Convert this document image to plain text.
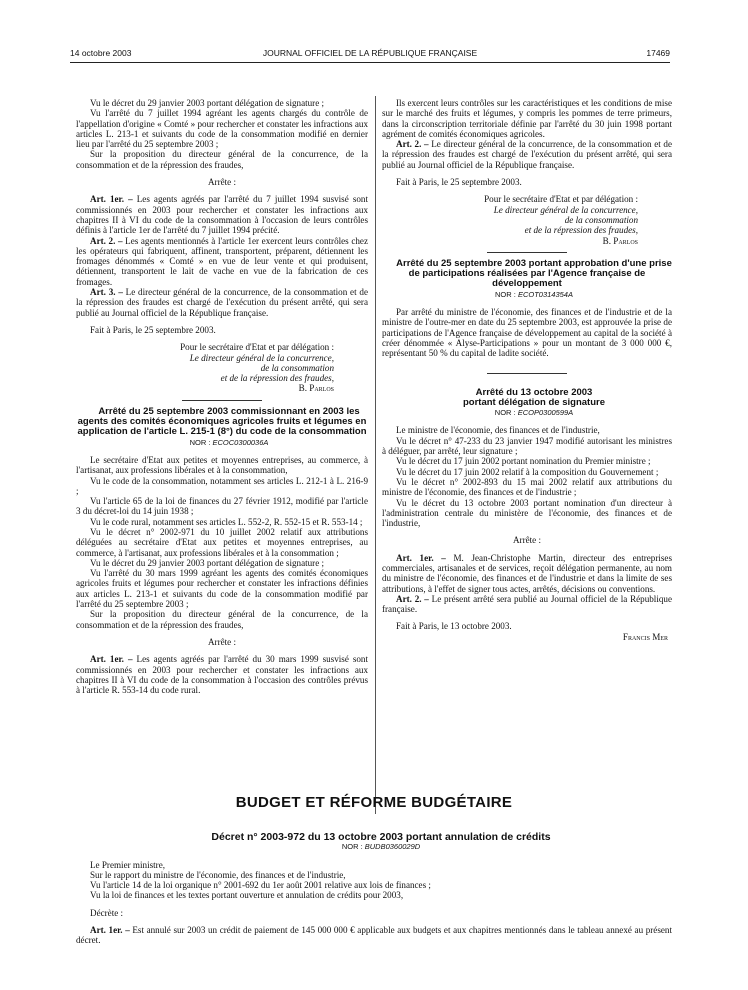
14 octobre 2003	JOURNAL OFFICIEL DE LA RÉPUBLIQUE FRANÇAISE	17469

Vu le décret du 29 janvier 2003 portant délégation de signature ;

Vu l'arrêté du 7 juillet 1994 agréant les agents chargés du contrôle de l'appellation d'origine « Comté » pour rechercher et constater les infractions aux articles L. 213-1 et suivants du code de la consommation modifié en dernier lieu par l'arrêté du 25 septembre 2003 ;

Sur la proposition du directeur général de la concurrence, de la consommation et de la répression des fraudes,

Arrête :

Art. 1er. – Les agents agréés par l'arrêté du 7 juillet 1994 susvisé sont commissionnés en 2003 pour rechercher et constater les infractions aux chapitres II à VI du code de la consommation à l'occasion de leurs contrôles définis à l'article 1er de l'arrêté du 7 juillet 1994 précité.

Art. 2. – Les agents mentionnés à l'article 1er exercent leurs contrôles chez les opérateurs qui fabriquent, affinent, transportent, préparent, détiennent les fromages dénommés « Comté » en vue de leur vente et qui produisent, détiennent, transportent le lait de vache en vue de la fabrication de ces fromages.

Art. 3. – Le directeur général de la concurrence, de la consommation et de la répression des fraudes est chargé de l'exécution du présent arrêté, qui sera publié au Journal officiel de la République française.

Fait à Paris, le 25 septembre 2003.

Pour le secrétaire d'Etat et par délégation :
Le directeur général de la concurrence,
de la consommation
et de la répression des fraudes,
B. Parlos

Arrêté du 25 septembre 2003 commissionnant en 2003 les agents des comités économiques agricoles fruits et légumes en application de l'article L. 215-1 (8°) du code de la consommation

NOR : ECOC0300036A

Le secrétaire d'Etat aux petites et moyennes entreprises, au commerce, à l'artisanat, aux professions libérales et à la consommation,

Vu le code de la consommation, notamment ses articles L. 212-1 à L. 216-9 ;

Vu l'article 65 de la loi de finances du 27 février 1912, modifié par l'article 3 du décret-loi du 14 juin 1938 ;

Vu le code rural, notamment ses articles L. 552-2, R. 552-15 et R. 553-14 ;

Vu le décret n° 2002-971 du 10 juillet 2002 relatif aux attributions déléguées au secrétaire d'Etat aux petites et moyennes entreprises, au commerce, à l'artisanat, aux professions libérales et à la consommation ;

Vu le décret du 29 janvier 2003 portant délégation de signature ;

Vu l'arrêté du 30 mars 1999 agréant les agents des comités économiques agricoles fruits et légumes pour rechercher et constater les infractions définies aux articles L. 213-1 et suivants du code de la consommation modifié par l'arrêté du 25 septembre 2003 ;

Sur la proposition du directeur général de la concurrence, de la consommation et de la répression des fraudes,

Arrête :

Art. 1er. – Les agents agréés par l'arrêté du 30 mars 1999 susvisé sont commissionnés en 2003 pour rechercher et constater les infractions aux chapitres II à VI du code de la consommation à l'occasion des contrôles prévus à l'article R. 553-14 du code rural.

Ils exercent leurs contrôles sur les caractéristiques et les conditions de mise sur le marché des fruits et légumes, y compris les pommes de terre primeurs, dans la circonscription territoriale définie par l'arrêté du 30 juin 1998 portant agrément de comités économiques agricoles.

Art. 2. – Le directeur général de la concurrence, de la consommation et de la répression des fraudes est chargé de l'exécution du présent arrêté, qui sera publié au Journal officiel de la République française.

Fait à Paris, le 25 septembre 2003.

Pour le secrétaire d'Etat et par délégation :
Le directeur général de la concurrence,
de la consommation
et de la répression des fraudes,
B. Parlos

Arrêté du 25 septembre 2003 portant approbation d'une prise de participations réalisées par l'Agence française de développement

NOR : ECOT0314354A

Par arrêté du ministre de l'économie, des finances et de l'industrie et de la ministre de l'outre-mer en date du 25 septembre 2003, est approuvée la prise de participations de l'Agence française de développement au capital de la société à créer dénommée « Alyse-Participations » pour un montant de 3 000 000 €, représentant 50 % du capital de ladite société.

Arrêté du 13 octobre 2003

portant délégation de signature

NOR : ECOP0300599A

Le ministre de l'économie, des finances et de l'industrie,

Vu le décret n° 47-233 du 23 janvier 1947 modifié autorisant les ministres à déléguer, par arrêté, leur signature ;

Vu le décret du 17 juin 2002 portant nomination du Premier ministre ;

Vu le décret du 17 juin 2002 relatif à la composition du Gouvernement ;

Vu le décret n° 2002-893 du 15 mai 2002 relatif aux attributions du ministre de l'économie, des finances et de l'industrie ;

Vu le décret du 13 octobre 2003 portant nomination d'un directeur à l'administration centrale du ministère de l'économie, des finances et de l'industrie,

Arrête :

Art. 1er. – M. Jean-Christophe Martin, directeur des entreprises commerciales, artisanales et de services, reçoit délégation permanente, au nom du ministre de l'économie, des finances et de l'industrie et dans la limite de ses attributions, à l'effet de signer tous actes, arrêtés, décisions ou conventions.

Art. 2. – Le présent arrêté sera publié au Journal officiel de la République française.

Fait à Paris, le 13 octobre 2003.

Francis Mer
BUDGET ET RÉFORME BUDGÉTAIRE

Décret n° 2003-972 du 13 octobre 2003 portant annulation de crédits

NOR : BUDB0360029D

Le Premier ministre,

Sur le rapport du ministre de l'économie, des finances et de l'industrie,

Vu l'article 14 de la loi organique n° 2001-692 du 1er août 2001 relative aux lois de finances ;

Vu la loi de finances et les textes portant ouverture et annulation de crédits pour 2003,

Décrète :

Art. 1er. – Est annulé sur 2003 un crédit de paiement de 145 000 000 € applicable aux budgets et aux chapitres mentionnés dans le tableau annexé au présent décret.
